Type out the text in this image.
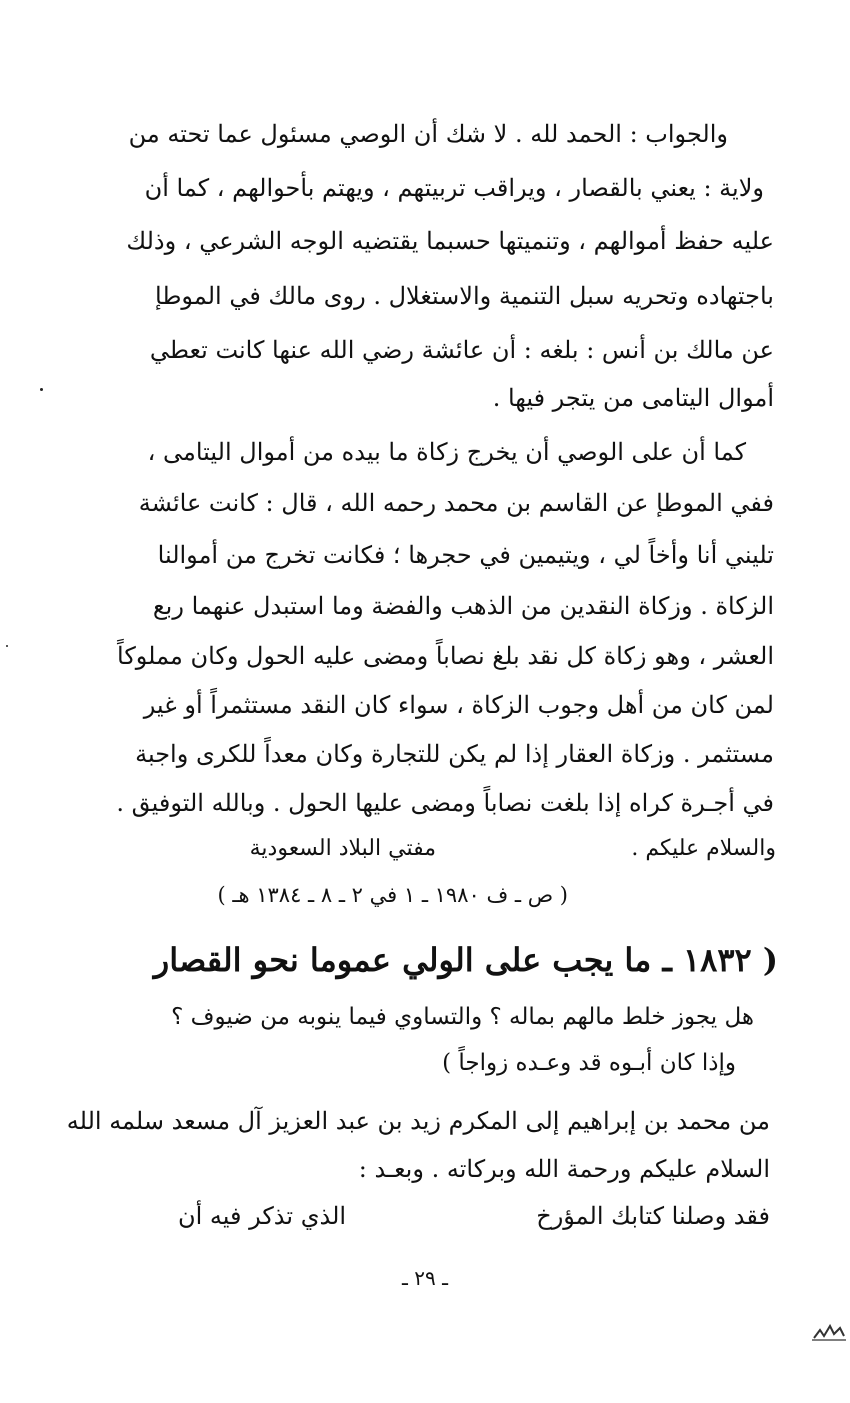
والجواب : الحمد لله . لا شك أن الوصي مسئول عما تحته من
ولاية : يعني بالقصار ، ويراقب تربيتهم ، ويهتم بأحوالهم ، كما أن
عليه حفظ أموالهم ، وتنميتها حسبما يقتضيه الوجه الشرعي ، وذلك
باجتهاده وتحريه سبل التنمية والاستغلال . روى مالك في الموطإ
عن مالك بن أنس : بلغه : أن عائشة رضي الله عنها كانت تعطي
أموال اليتامى من يتجر فيها .
كما أن على الوصي أن يخرج زكاة ما بيده من أموال اليتامى ،
ففي الموطإ عن القاسم بن محمد رحمه الله ، قال : كانت عائشة
تليني أنا وأخاً لي ، ويتيمين في حجرها ؛ فكانت تخرج من أموالنا
الزكاة . وزكاة النقدين من الذهب والفضة وما استبدل عنهما ربع
العشر ، وهو زكاة كل نقد بلغ نصاباً ومضى عليه الحول وكان مملوكاً
لمن كان من أهل وجوب الزكاة ، سواء كان النقد مستثمراً أو غير
مستثمر . وزكاة العقار إذا لم يكن للتجارة وكان معداً للكرى واجبة
في أجـرة كراه إذا بلغت نصاباً ومضى عليها الحول . وبالله التوفيق .
والسلام عليكم .
مفتي البلاد السعودية
( ص ـ ف ١٩٨٠ ـ ١ في ٢ ـ ٨ ـ ١٣٨٤ هـ )
( ١٨٣٢ ـ ما يجب على الولي عموما نحو القصار
هل يجوز خلط مالهم بماله ؟ والتساوي فيما ينوبه من ضيوف ؟
وإذا كان أبـوه قد وعـده زواجاً )
من محمد بن إبراهيم إلى المكرم زيد بن عبد العزيز آل مسعد سلمه الله
السلام عليكم ورحمة الله وبركاته . وبعـد :
فقد وصلنا كتابك المؤرخ
الذي تذكر فيه أن
ـ ٢٩ ـ
